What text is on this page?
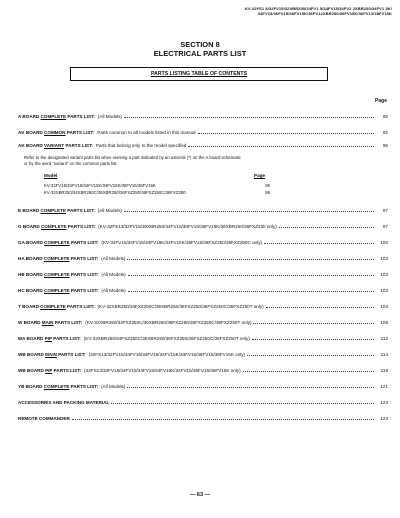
KV-32FS1 8/32FV15/32XBR250/34FV1 5/34FV15/34FV2 2XBR250/34FV1 5K/
34FV15/36FV15/36FV15K/36FV12XBR250/36FV15K/36FV12/38FV15K
SECTION 8
ELECTRICAL PARTS LIST
PARTS LISTING TABLE OF CONTENTS
Page
A BOARD COMPLETE PARTS LIST: (All Models)	65
AK BOARD COMMON PARTS LIST: Parts common to all models listed in this manual	92
AK BOARD VARIANT PARTS LIST: Parts that belong only to the model specified	95
Refer to the designated variant parts list when seeking a part indicated by an asterisk (*) on the A board schematic
or by the word "variant" on the common parts list.
Model	Page
KV-32FV15/34FV15/34FV15K/34FV15K/36FV15/36FV15K	95
KV-32XBR250/34XBR250C/36XBR250/36FXZ250/36FXZ250C/36FXZ250	96
E BOARD COMPLETE PARTS LIST: (All Models)	97
G BOARD COMPLETE PARTS LIST: (KV-32FS13/32FV15/36XBR250/34FV15/36FV15/36FV15K/36XBR250/36FXZ250 only)	97
GA BOARD COMPLETE PARTS LIST: (KV-34FV15/34FV15/34FV15K/34FV15K/36FV15/36FXZ250/36FXZ250C only)	100
HA BOARD COMPLETE PARTS LIST: (All Models)	103
HB BOARD COMPLETE PARTS LIST: (All Models)	103
HC BOARD COMPLETE PARTS LIST: (All Models)	103
T BOARD COMPLETE PARTS LIST: (KV-32XBR250/34FXZ250C/36XBR250/36FXZ250/36FXZ250C/36FXZ250T only)	104
W BOARD MAIN PARTS LIST: (KV-32XBR250/34FXZ250C/36XBR250/36FXZ250/36FXZ250C/36FXZ250T only)	106
WA BOARD PIP PARTS LIST: (KV-32XBR250/34FXZ250C/36XBR250/36FXZ250/36FXZ250C/36FXZ250T only)	112
WB BOARD MAIN PARTS LIST: (32FS13/32FV15/34FV15/34FV15/34FV15K/34FV15/36FV15/36FV15K only)	114
WB BOARD PIP PARTS LIST: (32FS13/32FV15/34FV15/34FV15/34FV15K/34FV15/36FV15/36FV15K only)	119
YB BOARD COMPLETE PARTS LIST: (All Models)	121
ACCESSORIES AND PACKING MATERIAL	123
REMOTE COMMANDER	123
— 63 —
